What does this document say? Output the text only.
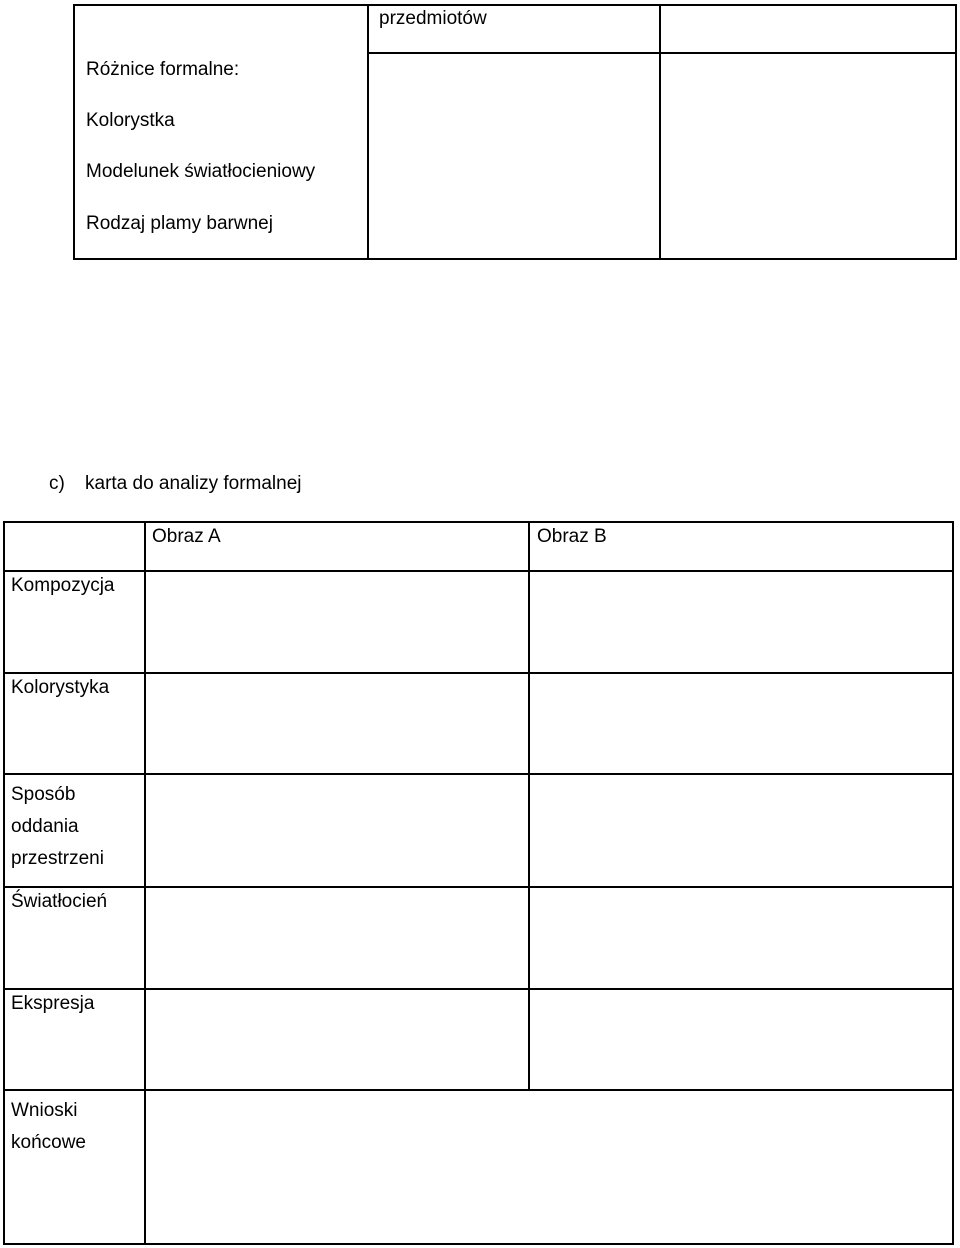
przedmiotów
Różnice formalne:
Kolorystka
Modelunek światłocieniowy
Rodzaj plamy barwnej
c) karta do analizy formalnej
Obraz A	Obraz B
Kompozycja
Kolorystyka
Sposób
oddania
przestrzeni
Światłocień
Ekspresja
Wnioski
końcowe
